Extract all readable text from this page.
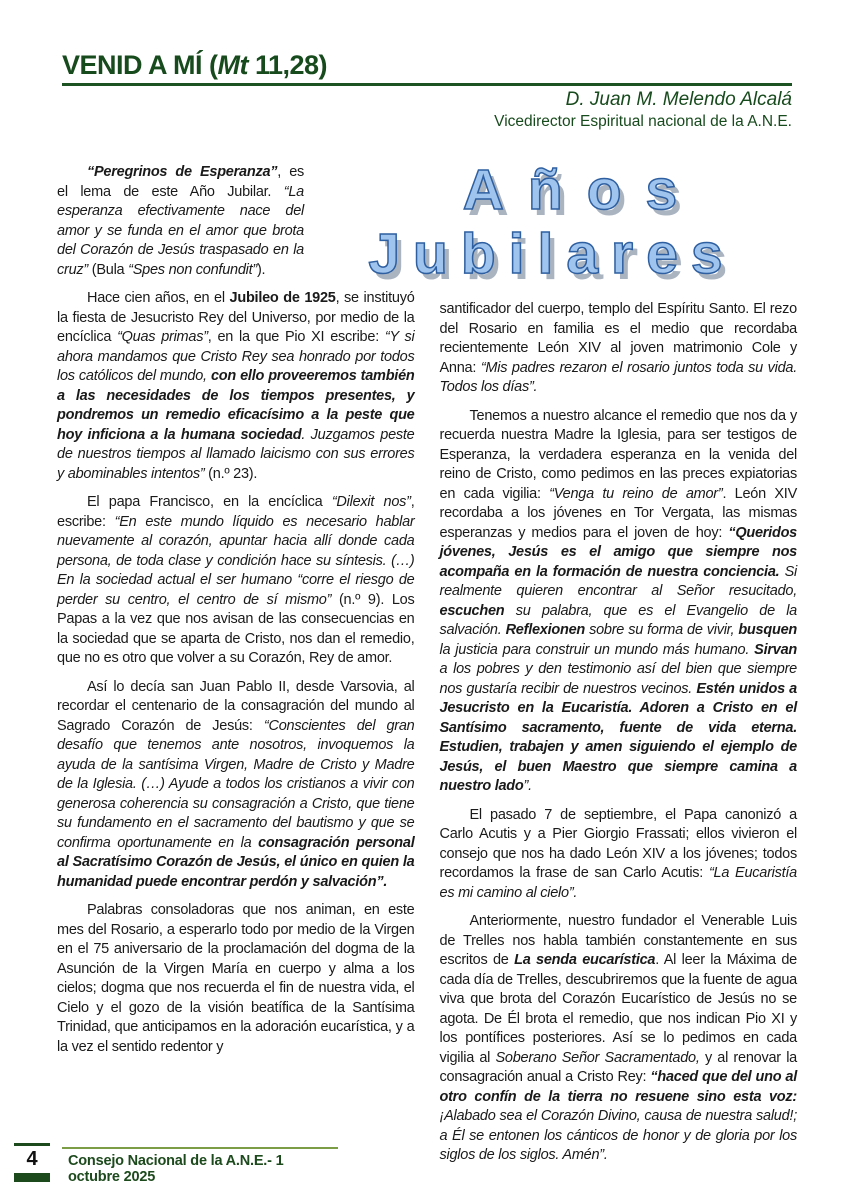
VENID A MÍ (Mt 11,28)
D. Juan M. Melendo Alcalá
Vicedirector Espiritual nacional de la A.N.E.
Años
Jubilares

“Peregrinos de Esperanza”, es el lema de este Año Jubilar. “La esperanza efectivamente nace del amor y se funda en el amor que brota del Corazón de Jesús traspasado en la cruz” (Bula “Spes non confundit”).

Hace cien años, en el Jubileo de 1925, se instituyó la fiesta de Jesucristo Rey del Universo, por medio de la encíclica “Quas primas”, en la que Pio XI escribe: “Y si ahora mandamos que Cristo Rey sea honrado por todos los católicos del mundo, con ello proveeremos también a las necesidades de los tiempos presentes, y pondremos un remedio eficacísimo a la peste que hoy inficiona a la humana sociedad. Juzgamos peste de nuestros tiempos al llamado laicismo con sus errores y abominables intentos” (n.º 23).

El papa Francisco, en la encíclica “Dilexit nos”, escribe: “En este mundo líquido es necesario hablar nuevamente al corazón, apuntar hacia allí donde cada persona, de toda clase y condición hace su síntesis. (…) En la sociedad actual el ser humano “corre el riesgo de perder su centro, el centro de sí mismo” (n.º 9). Los Papas a la vez que nos avisan de las consecuencias en la sociedad que se aparta de Cristo, nos dan el remedio, que no es otro que volver a su Corazón, Rey de amor.

Así lo decía san Juan Pablo II, desde Varsovia, al recordar el centenario de la consagración del mundo al Sagrado Corazón de Jesús: “Conscientes del gran desafío que tenemos ante nosotros, invoquemos la ayuda de la santísima Virgen, Madre de Cristo y Madre de la Iglesia. (…) Ayude a todos los cristianos a vivir con generosa coherencia su consagración a Cristo, que tiene su fundamento en el sacramento del bautismo y que se confirma oportunamente en la consagración personal al Sacratísimo Corazón de Jesús, el único en quien la humanidad puede encontrar perdón y salvación”.

Palabras consoladoras que nos animan, en este mes del Rosario, a esperarlo todo por medio de la Virgen en el 75 aniversario de la proclamación del dogma de la Asunción de la Virgen María en cuerpo y alma a los cielos; dogma que nos recuerda el fin de nuestra vida, el Cielo y el gozo de la visión beatífica de la Santísima Trinidad, que anticipamos en la adoración eucarística, y a la vez el sentido redentor y

santificador del cuerpo, templo del Espíritu Santo. El rezo del Rosario en familia es el medio que recordaba recientemente León XIV al joven matrimonio Cole y Anna: “Mis padres rezaron el rosario juntos toda su vida. Todos los días”.

Tenemos a nuestro alcance el remedio que nos da y recuerda nuestra Madre la Iglesia, para ser testigos de Esperanza, la verdadera esperanza en la venida del reino de Cristo, como pedimos en las preces expiatorias en cada vigilia: “Venga tu reino de amor”. León XIV recordaba a los jóvenes en Tor Vergata, las mismas esperanzas y medios para el joven de hoy: “Queridos jóvenes, Jesús es el amigo que siempre nos acompaña en la formación de nuestra conciencia. Si realmente quieren encontrar al Señor resucitado, escuchen su palabra, que es el Evangelio de la salvación. Reflexionen sobre su forma de vivir, busquen la justicia para construir un mundo más humano. Sirvan a los pobres y den testimonio así del bien que siempre nos gustaría recibir de nuestros vecinos. Estén unidos a Jesucristo en la Eucaristía. Adoren a Cristo en el Santísimo sacramento, fuente de vida eterna. Estudien, trabajen y amen siguiendo el ejemplo de Jesús, el buen Maestro que siempre camina a nuestro lado”.

El pasado 7 de septiembre, el Papa canonizó a Carlo Acutis y a Pier Giorgio Frassati; ellos vivieron el consejo que nos ha dado León XIV a los jóvenes; todos recordamos la frase de san Carlo Acutis: “La Eucaristía es mi camino al cielo”.

Anteriormente, nuestro fundador el Venerable Luis de Trelles nos habla también constantemente en sus escritos de La senda eucarística. Al leer la Máxima de cada día de Trelles, descubriremos que la fuente de agua viva que brota del Corazón Eucarístico de Jesús no se agota. De Él brota el remedio, que nos indican Pio XI y los pontífices posteriores. Así se lo pedimos en cada vigilia al Soberano Señor Sacramentado, y al renovar la consagración anual a Cristo Rey: “haced que del uno al otro confín de la tierra no resuene sino esta voz: ¡Alabado sea el Corazón Divino, causa de nuestra salud!; a Él se entonen los cánticos de honor y de gloria por los siglos de los siglos. Amén”.

4	Consejo Nacional de la A.N.E.- 1 octubre 2025
